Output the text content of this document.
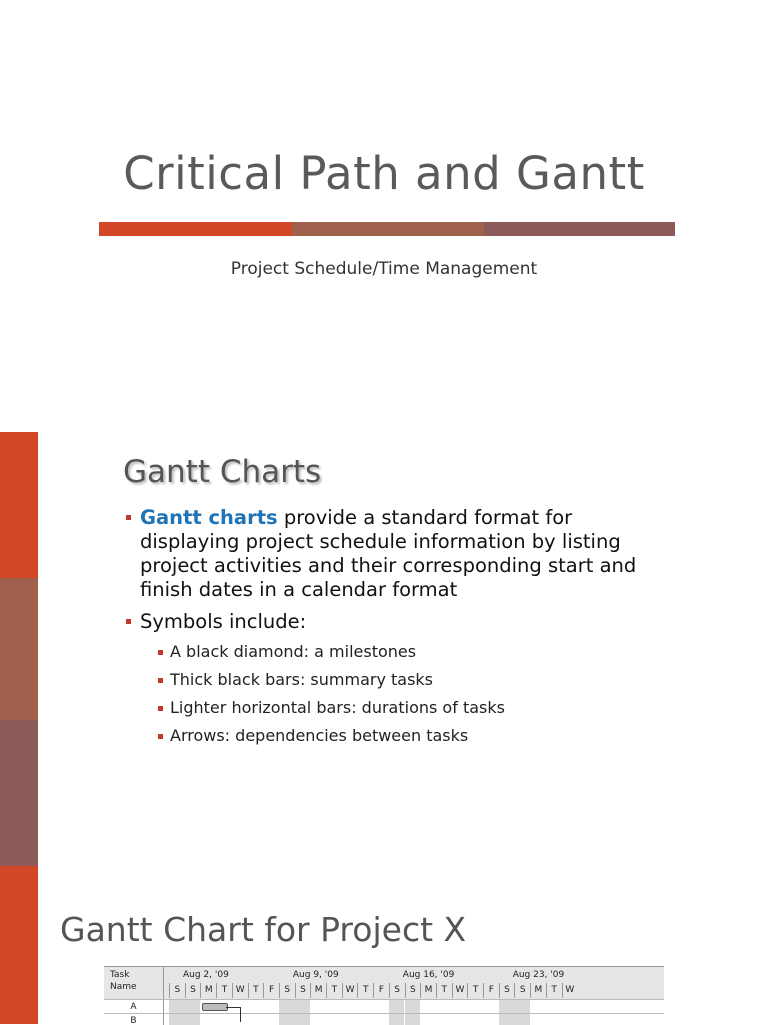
Critical Path and Gantt
Project Schedule/Time Management
Gantt Charts
Gantt charts provide a standard format for displaying project schedule information by listing project activities and their corresponding start and finish dates in a calendar format
Symbols include:
A black diamond: a milestones
Thick black bars: summary tasks
Lighter horizontal bars: durations of tasks
Arrows: dependencies between tasks
Gantt Chart for Project X
Task
Name	S	S M	T W T	F	S	S M	T W T	F	S	S M	T W T	F	S	S M	T W
Aug 2, '09	Aug 9, '09	Aug 16, '09	Aug 23, '09
A
B
